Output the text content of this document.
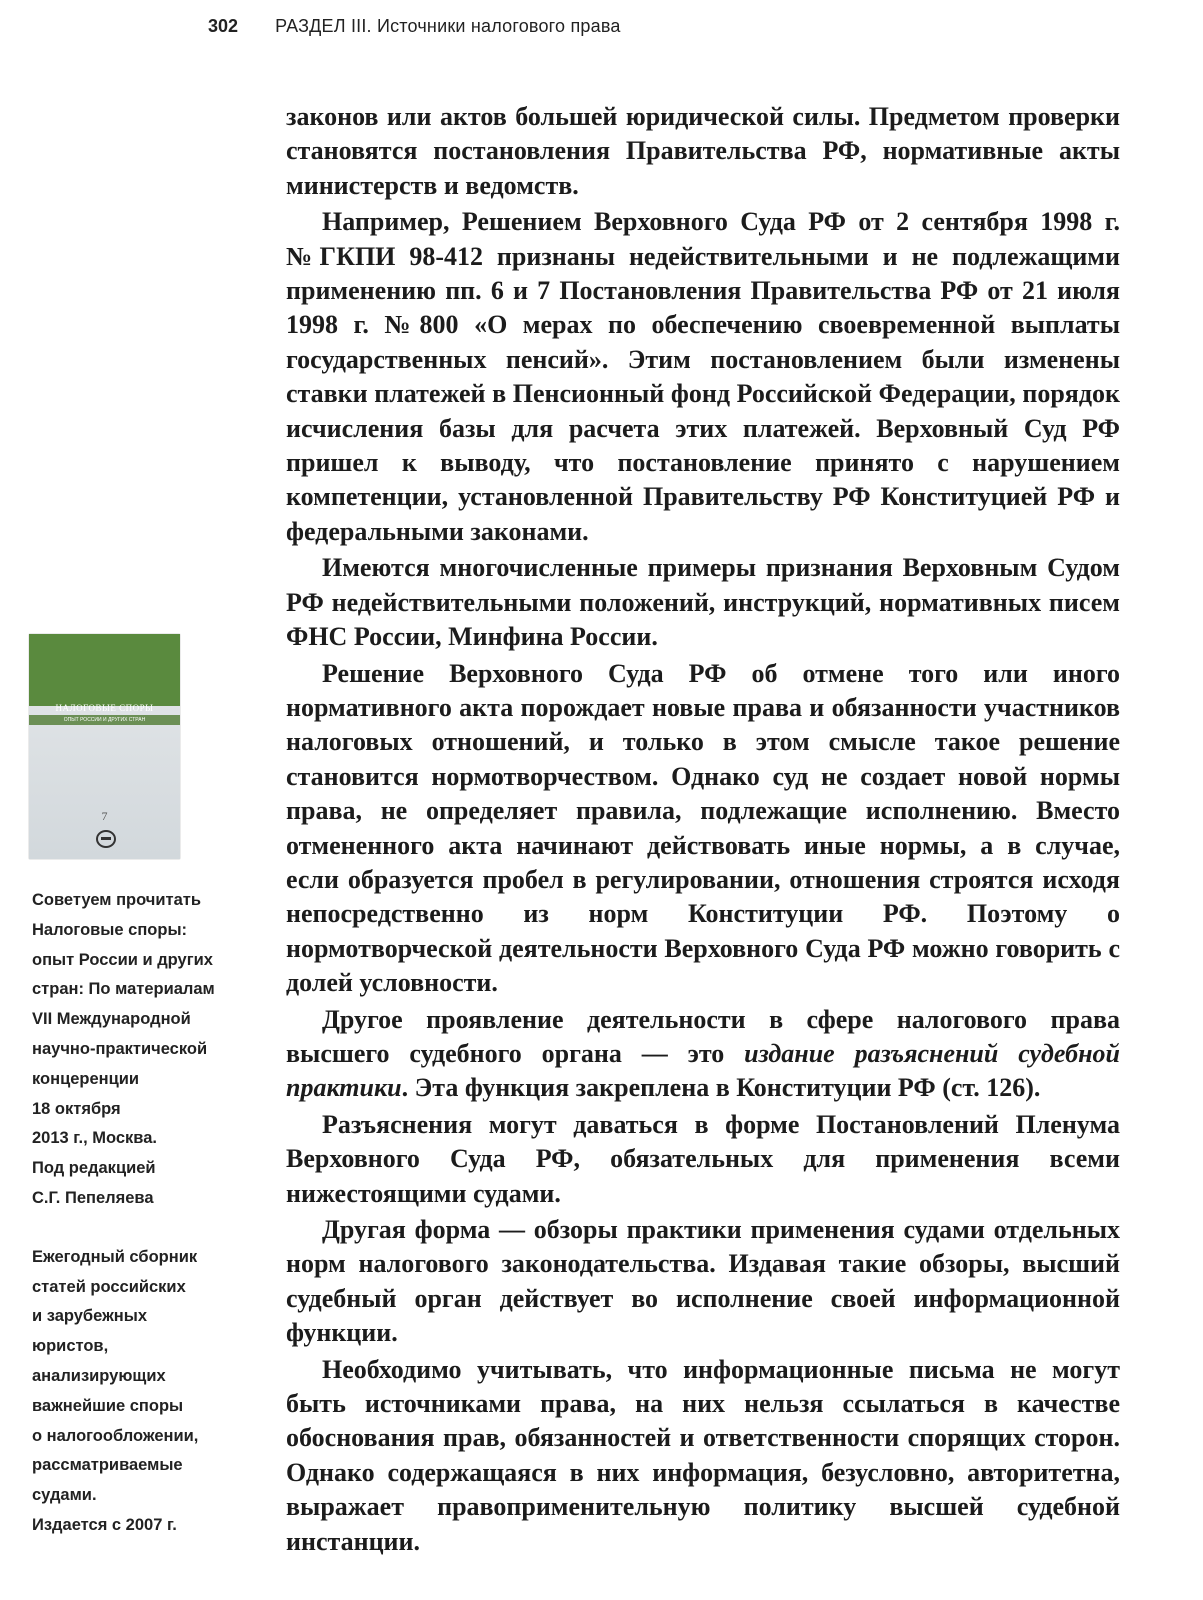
302 РАЗДЕЛ III. Источники налогового права

законов или актов большей юридической силы. Предметом проверки становятся постановления Правительства РФ, нормативные акты министерств и ведомств.

Например, Решением Верховного Суда РФ от 2 сентября 1998 г. №ГКПИ 98-412 признаны недействительными и не подлежащими применению пп. 6 и 7 Постановления Правительства РФ от 21 июля 1998 г. №800 «О мерах по обеспечению своевременной выплаты государственных пенсий». Этим постановлением были изменены ставки платежей в Пенсионный фонд Российской Федерации, порядок исчисления базы для расчета этих платежей. Верховный Суд РФ пришел к выводу, что постановление принято с нарушением компетенции, установленной Правительству РФ Конституцией РФ и федеральными законами.

Имеются многочисленные примеры признания Верховным Судом РФ недействительными положений, инструкций, нормативных писем ФНС России, Минфина России.

Решение Верховного Суда РФ об отмене того или иного нормативного акта порождает новые права и обязанности участников налоговых отношений, и только в этом смысле такое решение становится нормотворчеством. Однако суд не создает новой нормы права, не определяет правила, подлежащие исполнению. Вместо отмененного акта начинают действовать иные нормы, а в случае, если образуется пробел в регулировании, отношения строятся исходя непосредственно из норм Конституции РФ. Поэтому о нормотворческой деятельности Верховного Суда РФ можно говорить с долей условности.

Другое проявление деятельности в сфере налогового права высшего судебного органа — это издание разъяснений судебной практики. Эта функция закреплена в Конституции РФ (ст. 126).

Разъяснения могут даваться в форме Постановлений Пленума Верховного Суда РФ, обязательных для применения всеми нижестоящими судами.

Другая форма — обзоры практики применения судами отдельных норм налогового законодательства. Издавая такие обзоры, высший судебный орган действует во исполнение своей информационной функции.

Необходимо учитывать, что информационные письма не могут быть источниками права, на них нельзя ссылаться в качестве обоснования прав, обязанностей и ответственности спорящих сторон. Однако содержащаяся в них информация, безусловно, авторитетна, выражает правоприменительную политику высшей судебной инстанции.

НАЛОГОВЫЕ СПОРЫ
ОПЫТ РОССИИ И ДРУГИХ СТРАН
7
Советуем прочитать
Налоговые споры:
опыт России и других
стран: По материалам
VII Международной
научно-практической
концеренции
18 октября
2013 г., Москва.
Под редакцией
С.Г. Пепеляева
Ежегодный сборник
статей российских
и зарубежных
юристов,
анализирующих
важнейшие споры
о налогообложении,
рассматриваемые
судами.
Издается с 2007 г.
